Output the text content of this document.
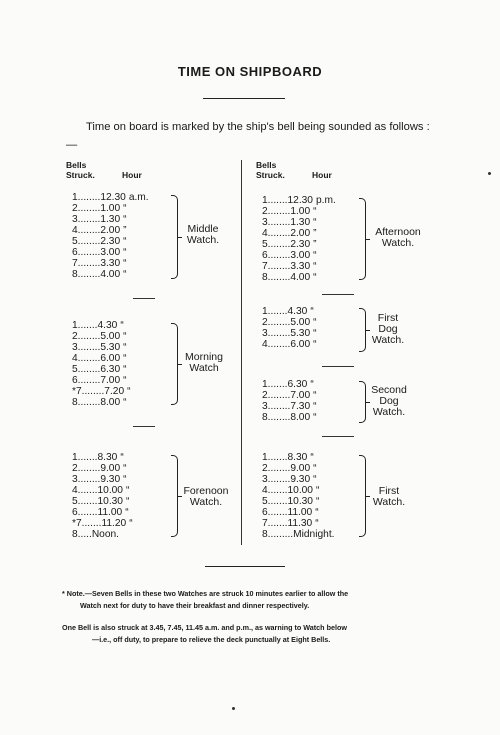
TIME ON SHIPBOARD
Time on board is marked by the ship's bell being sounded as follows :—
Bells
Struck.	Hour
Bells
Struck.	Hour
1........ 12.30 a.m.
2........ 1.00 “
3........ 1.30 “
4........ 2.00 ”
5........ 2.30 “
6........ 3.00 “
7........ 3.30 “
8........ 4.00 “
Middle Watch.
1....... 4.30 “
2........ 5.00 “
3........ 5.30 “
4........ 6.00 “
5........ 6.30 “
6........ 7.00 “
*7........ 7.20 “
8........ 8.00 “
Morning Watch
1....... 8.30 “
2........ 9.00 “
3........ 9.30 “
4....... 10.00 “
5....... 10.30 “
6....... 11.00 “
*7....... 11.20 “
8..... Noon.
Forenoon Watch.
1....... 12.30 p.m.
2........ 1.00 “
3........ 1.30 “
4........ 2.00 ”
5........ 2.30 ”
6........ 3.00 “
7........ 3.30 “
8........ 4.00 “
Afternoon Watch.
1....... 4.30 “
2........ 5.00 “
3........ 5.30 “
4........ 6.00 “
First Dog Watch.
1....... 6.30 “
2........ 7.00 “
3........ 7.30 “
8........ 8.00 “
Second Dog Watch.
1....... 8.30 “
2........ 9.00 “
3........ 9.30 “
4....... 10.00 “
5....... 10.30 “
6....... 11.00 “
7....... 11.30 “
8......... Midnight.
First Watch.
* Note.—Seven Bells in these two Watches are struck 10 minutes earlier to allow the
Watch next for duty to have their breakfast and dinner respectively.
One Bell is also struck at 3.45, 7.45, 11.45 a.m. and p.m., as warning to Watch below
—i.e., off duty, to prepare to relieve the deck punctually at Eight Bells.
